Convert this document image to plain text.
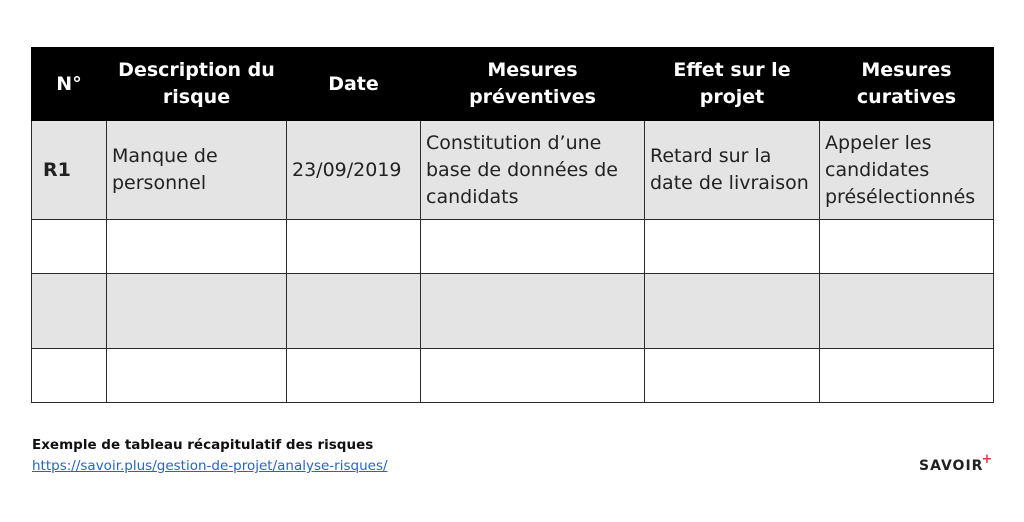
N°	Description du risque	Date	Mesures préventives	Effet sur le projet	Mesures curatives
R1	Manque de personnel	23/09/2019	Constitution d’une base de données de candidats	Retard sur la date de livraison	Appeler les candidates présélectionnés

Exemple de tableau récapitulatif des risques
https://savoir.plus/gestion-de-projet/analyse-risques/	SAVOIR
+
